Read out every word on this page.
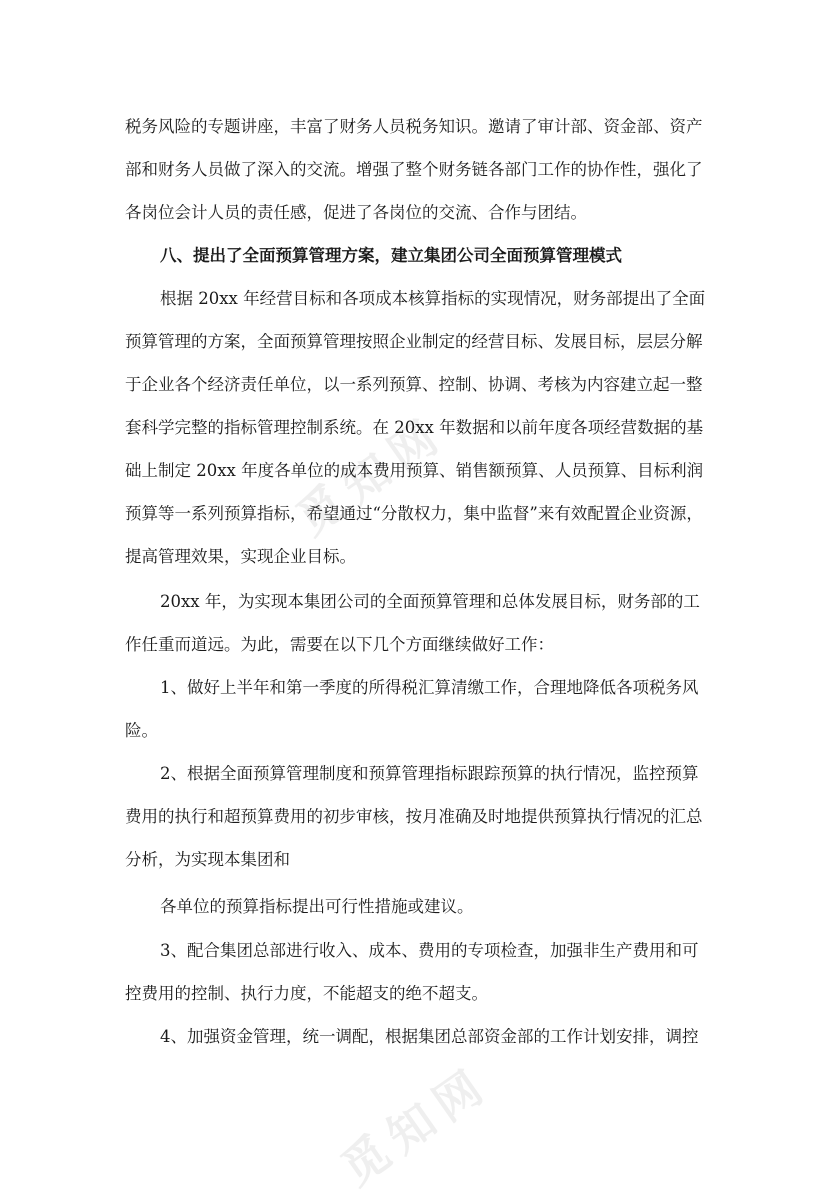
觅知网
觅知网
税务风险的专题讲座，丰富了财务人员税务知识。邀请了审计部、资金部、资产
部和财务人员做了深入的交流。增强了整个财务链各部门工作的协作性，强化了
各岗位会计人员的责任感，促进了各岗位的交流、合作与团结。
八、提出了全面预算管理方案，建立集团公司全面预算管理模式
根据 20xx 年经营目标和各项成本核算指标的实现情况，财务部提出了全面
预算管理的方案，全面预算管理按照企业制定的经营目标、发展目标，层层分解
于企业各个经济责任单位，以一系列预算、控制、协调、考核为内容建立起一整
套科学完整的指标管理控制系统。在 20xx 年数据和以前年度各项经营数据的基
础上制定 20xx 年度各单位的成本费用预算、销售额预算、人员预算、目标利润
预算等一系列预算指标，希望通过“分散权力，集中监督”来有效配置企业资源，
提高管理效果，实现企业目标。
20xx 年，为实现本集团公司的全面预算管理和总体发展目标，财务部的工
作任重而道远。为此，需要在以下几个方面继续做好工作：
1、做好上半年和第一季度的所得税汇算清缴工作，合理地降低各项税务风
险。
2、根据全面预算管理制度和预算管理指标跟踪预算的执行情况，监控预算
费用的执行和超预算费用的初步审核，按月准确及时地提供预算执行情况的汇总
分析，为实现本集团和
各单位的预算指标提出可行性措施或建议。
3、配合集团总部进行收入、成本、费用的专项检查，加强非生产费用和可
控费用的控制、执行力度，不能超支的绝不超支。
4、加强资金管理，统一调配，根据集团总部资金部的工作计划安排，调控
